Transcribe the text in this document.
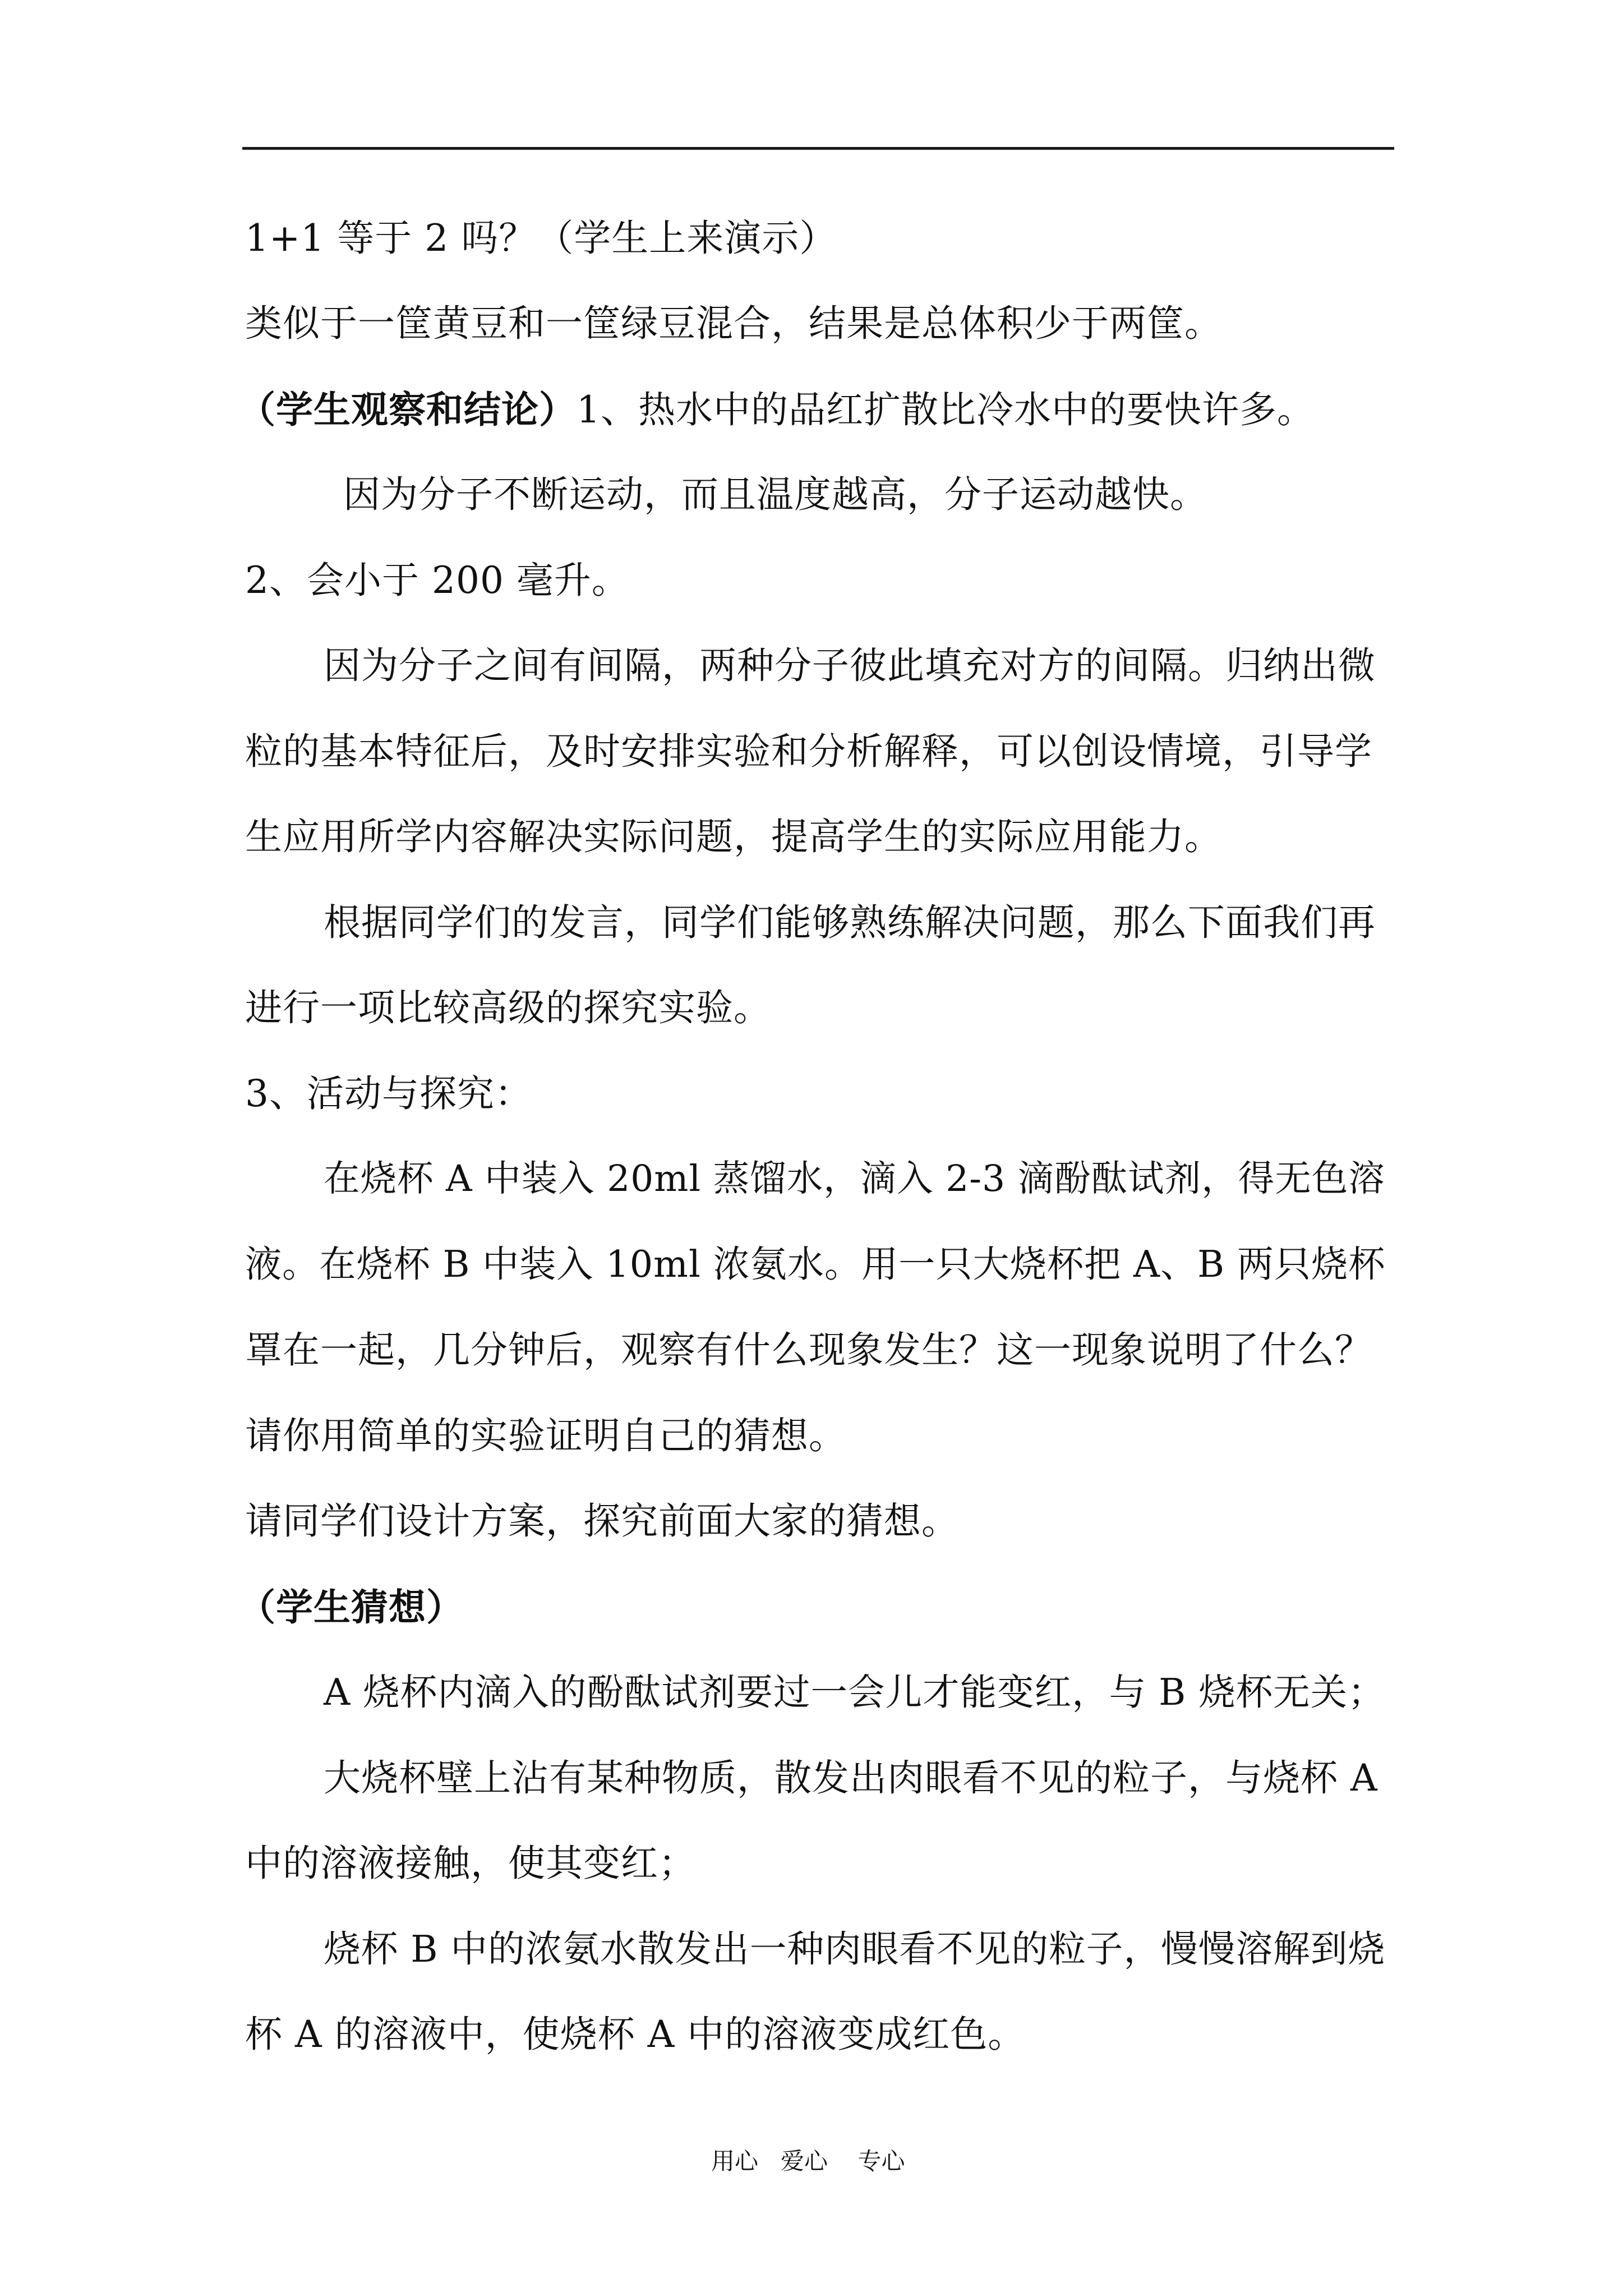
1+1 等于 2 吗？（学生上来演示）
类似于一筐黄豆和一筐绿豆混合，结果是总体积少于两筐。
（学生观察和结论）1、热水中的品红扩散比冷水中的要快许多。
因为分子不断运动，而且温度越高，分子运动越快。
2、会小于 200 毫升。
因为分子之间有间隔，两种分子彼此填充对方的间隔。归纳出微
粒的基本特征后，及时安排实验和分析解释，可以创设情境，引导学
生应用所学内容解决实际问题，提高学生的实际应用能力。
根据同学们的发言，同学们能够熟练解决问题，那么下面我们再
进行一项比较高级的探究实验。
3、活动与探究：
在烧杯 A 中装入 20ml 蒸馏水，滴入 2-3 滴酚酞试剂，得无色溶
液。在烧杯 B 中装入 10ml 浓氨水。用一只大烧杯把 A、B 两只烧杯
罩在一起，几分钟后，观察有什么现象发生？这一现象说明了什么？
请你用简单的实验证明自己的猜想。
请同学们设计方案，探究前面大家的猜想。
（学生猜想）
A 烧杯内滴入的酚酞试剂要过一会儿才能变红，与 B 烧杯无关；
大烧杯壁上沾有某种物质，散发出肉眼看不见的粒子，与烧杯 A
中的溶液接触，使其变红；
烧杯 B 中的浓氨水散发出一种肉眼看不见的粒子，慢慢溶解到烧
杯 A 的溶液中，使烧杯 A 中的溶液变成红色。
用心   爱心    专心
